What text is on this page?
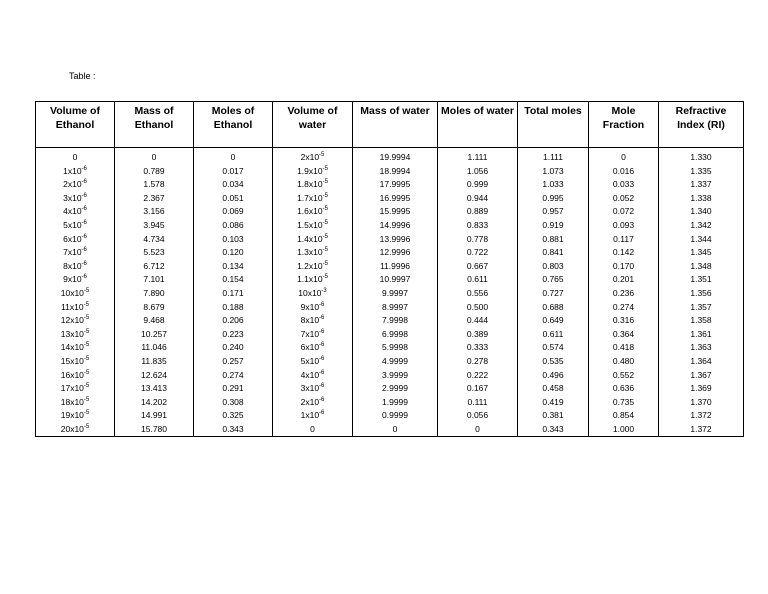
Table :
Volume of Ethanol	Mass of Ethanol	Moles of Ethanol	Volume of water	Mass of water	Moles of water	Total moles	Mole Fraction	Refractive Index (RI)
0	0	0	$2x10^{-5}$	19.9994	1.111	1.111	0	1.330
$1x10^{-6}$	0.789	0.017	$1.9x10^{-5}$	18.9994	1.056	1.073	0.016	1.335
$2x10^{-6}$	1.578	0.034	$1.8x10^{-5}$	17.9995	0.999	1.033	0.033	1.337
$3x10^{-6}$	2.367	0.051	$1.7x10^{-5}$	16.9995	0.944	0.995	0.052	1.338
$4x10^{-6}$	3.156	0.069	$1.6x10^{-5}$	15.9995	0.889	0.957	0.072	1.340
$5x10^{-6}$	3.945	0.086	$1.5x10^{-5}$	14.9996	0.833	0.919	0.093	1.342
$6x10^{-6}$	4.734	0.103	$1.4x10^{-5}$	13.9996	0.778	0.881	0.117	1.344
$7x10^{-6}$	5.523	0.120	$1.3x10^{-5}$	12.9996	0.722	0.841	0.142	1.345
$8x10^{-6}$	6.712	0.134	$1.2x10^{-5}$	11.9996	0.667	0.803	0.170	1.348
$9x10^{-6}$	7.101	0.154	$1.1x10^{-5}$	10.9997	0.611	0.765	0.201	1.351
$10x10^{-5}$	7.890	0.171	$10x10^{-3}$	9.9997	0.556	0.727	0.236	1.356
$11x10^{-5}$	8.679	0.188	$9x10^{-6}$	8.9997	0.500	0.688	0.274	1.357
$12x10^{-5}$	9.468	0.206	$8x10^{-6}$	7.9998	0.444	0.649	0.316	1.358
$13x10^{-5}$	10.257	0.223	$7x10^{-6}$	6.9998	0.389	0.611	0.364	1.361
$14x10^{-5}$	11.046	0.240	$6x10^{-6}$	5.9998	0.333	0.574	0.418	1.363
$15x10^{-5}$	11.835	0.257	$5x10^{-6}$	4.9999	0.278	0.535	0.480	1.364
$16x10^{-5}$	12.624	0.274	$4x10^{-6}$	3.9999	0.222	0.496	0.552	1.367
$17x10^{-5}$	13.413	0.291	$3x10^{-6}$	2.9999	0.167	0.458	0.636	1.369
$18x10^{-5}$	14.202	0.308	$2x10^{-6}$	1.9999	0.111	0.419	0.735	1.370
$19x10^{-5}$	14.991	0.325	$1x10^{-6}$	0.9999	0.056	0.381	0.854	1.372
$20x10^{-5}$	15.780	0.343	0	0	0	0.343	1.000	1.372
